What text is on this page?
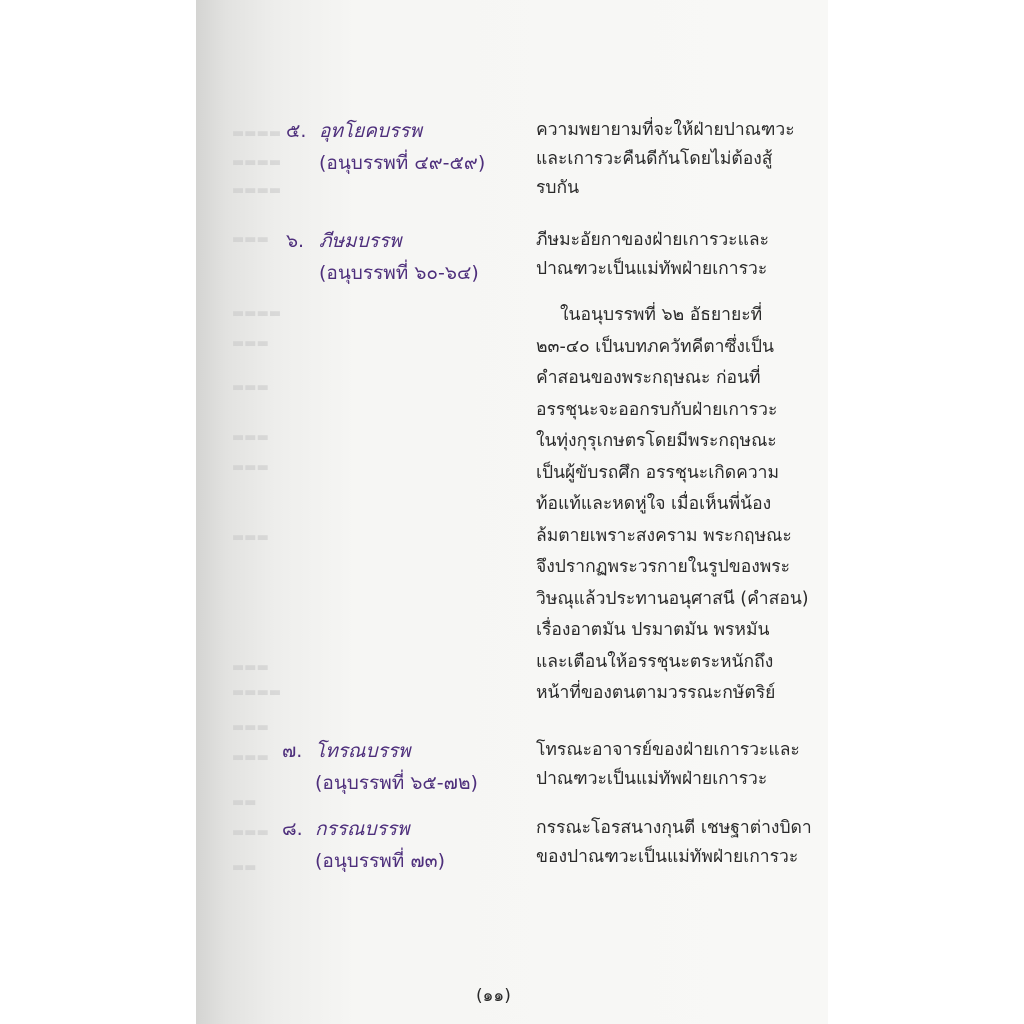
▬▬▬▬
▬▬▬▬
▬▬▬▬
▬▬▬
▬▬▬▬
▬▬▬
▬▬▬
▬▬▬
▬▬▬
▬▬▬
▬▬▬
▬▬▬▬
▬▬▬
▬▬▬
▬▬
▬▬▬
▬▬
๕. อุทโยคบรรพ
(อนุบรรพที่ ๔๙-๕๙)
ความพยายามที่จะให้ฝ่ายปาณฑวะ
และเการวะคืนดีกันโดยไม่ต้องสู้
รบกัน
๖. ภีษมบรรพ
(อนุบรรพที่ ๖๐-๖๔)
ภีษมะอัยกาของฝ่ายเการวะและ
ปาณฑวะเป็นแม่ทัพฝ่ายเการวะ
ในอนุบรรพที่ ๖๒ อัธยายะที่
๒๓-๔๐ เป็นบทภควัทคีตาซึ่งเป็น
คำสอนของพระกฤษณะ ก่อนที่
อรรชุนะจะออกรบกับฝ่ายเการวะ
ในทุ่งกุรุเกษตรโดยมีพระกฤษณะ
เป็นผู้ขับรถศึก อรรชุนะเกิดความ
ท้อแท้และหดหู่ใจ เมื่อเห็นพี่น้อง
ล้มตายเพราะสงคราม พระกฤษณะ
จึงปรากฏพระวรกายในรูปของพระ
วิษณุแล้วประทานอนุศาสนี (คำสอน)
เรื่องอาตมัน ปรมาตมัน พรหมัน
และเตือนให้อรรชุนะตระหนักถึง
หน้าที่ของตนตามวรรณะกษัตริย์
๗. โทรณบรรพ
(อนุบรรพที่ ๖๕-๗๒)
โทรณะอาจารย์ของฝ่ายเการวะและ
ปาณฑวะเป็นแม่ทัพฝ่ายเการวะ
๘. กรรณบรรพ
(อนุบรรพที่ ๗๓)
กรรณะโอรสนางกุนตี เชษฐาต่างบิดา
ของปาณฑวะเป็นแม่ทัพฝ่ายเการวะ
(๑๑)
